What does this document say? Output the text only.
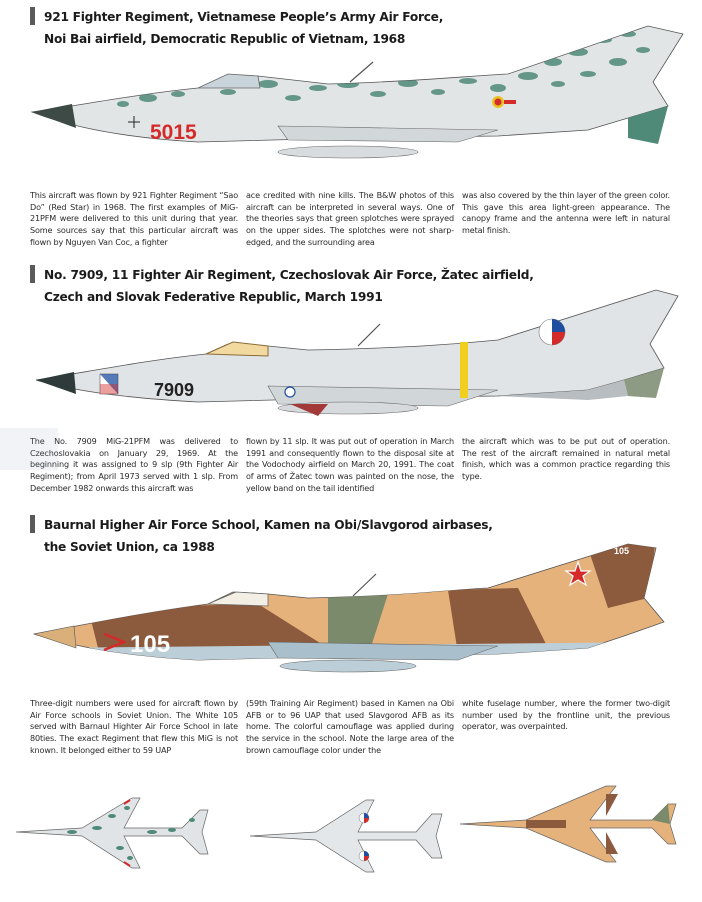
921 Fighter Regiment, Vietnamese People’s Army Air Force,
Noi Bai airfield, Democratic Republic of Vietnam, 1968
5015

This aircraft was flown by 921 Fighter Regiment “Sao Do” (Red Star) in 1968. The first examples of MiG-21PFM were delivered to this unit during that year. Some sources say that this particular aircraft was flown by Nguyen Van Coc, a fighter

ace credited with nine kills. The B&W photos of this aircraft can be interpreted in several ways. One of the theories says that green splotches were sprayed on the upper sides. The splotches were not sharp-edged, and the surrounding area

was also covered by the thin layer of the green color. This gave this area light-green appearance. The canopy frame and the antenna were left in natural metal finish.

No. 7909, 11 Fighter Air Regiment, Czechoslovak Air Force, Žatec airfield,
Czech and Slovak Federative Republic, March 1991
7909

The No. 7909 MiG-21PFM was delivered to Czechoslovakia on January 29, 1969. At the beginning it was assigned to 9 slp (9th Fighter Air Regiment); from April 1973 served with 1 slp. From December 1982 onwards this aircraft was

flown by 11 slp. It was put out of operation in March 1991 and consequently flown to the disposal site at the Vodochody airfield on March 20, 1991. The coat of arms of Žatec town was painted on the nose, the yellow band on the tail identified

the aircraft which was to be put out of operation. The rest of the aircraft remained in natural metal finish, which was a common practice regarding this type.

Baurnal Higher Air Force School, Kamen na Obi/Slavgorod airbases,
the Soviet Union, ca 1988	105
105

Three-digit numbers were used for aircraft flown by Air Force schools in Soviet Union. The White 105 served with Barnaul Highter Air Force School in late 80ties. The exact Regiment that flew this MiG is not known. It belonged either to 59 UAP

(59th Training Air Regiment) based in Kamen na Obi AFB or to 96 UAP that used Slavgorod AFB as its home. The colorful camouflage was applied during the service in the school. Note the large area of the brown camouflage color under the

white fuselage number, where the former two-digit number used by the frontline unit, the previous operator, was overpainted.
